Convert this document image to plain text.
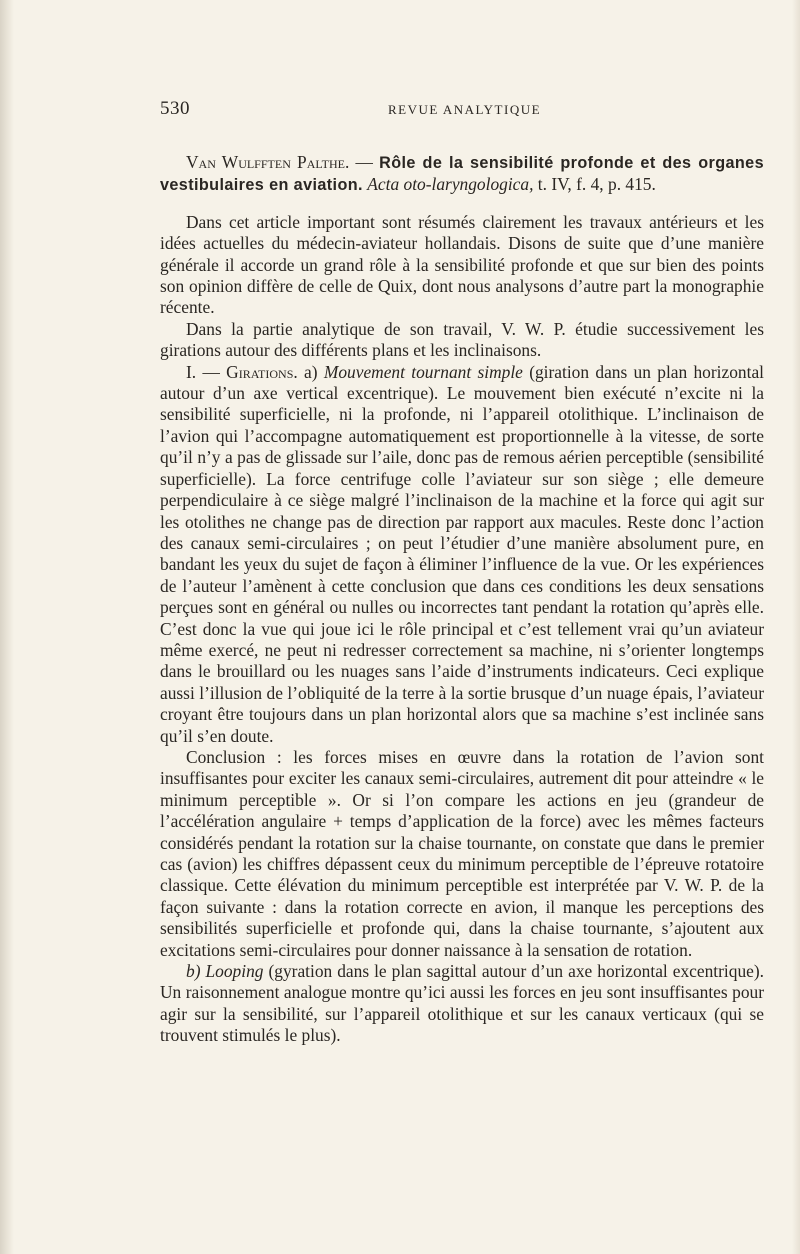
530	REVUE ANALYTIQUE

Van Wulfften Palthe. — Rôle de la sensibilité profonde et des organes vestibulaires en aviation. Acta oto-laryngologica, t. IV, f. 4, p. 415.

Dans cet article important sont résumés clairement les travaux antérieurs et les idées actuelles du médecin-aviateur hollandais. Disons de suite que d’une manière générale il accorde un grand rôle à la sensibilité profonde et que sur bien des points son opinion diffère de celle de Quix, dont nous analysons d’autre part la monographie récente.

Dans la partie analytique de son travail, V. W. P. étudie successivement les girations autour des différents plans et les inclinaisons.

I. — Girations. a) Mouvement tournant simple (giration dans un plan horizontal autour d’un axe vertical excentrique). Le mouvement bien exécuté n’excite ni la sensibilité superficielle, ni la profonde, ni l’appareil otolithique. L’inclinaison de l’avion qui l’accompagne automatiquement est proportionnelle à la vitesse, de sorte qu’il n’y a pas de glissade sur l’aile, donc pas de remous aérien perceptible (sensibilité superficielle). La force centrifuge colle l’aviateur sur son siège ; elle demeure perpendiculaire à ce siège malgré l’inclinaison de la machine et la force qui agit sur les otolithes ne change pas de direction par rapport aux macules. Reste donc l’action des canaux semi-circulaires ; on peut l’étudier d’une manière absolument pure, en bandant les yeux du sujet de façon à éliminer l’influence de la vue. Or les expériences de l’auteur l’amènent à cette conclusion que dans ces conditions les deux sensations perçues sont en général ou nulles ou incorrectes tant pendant la rotation qu’après elle. C’est donc la vue qui joue ici le rôle principal et c’est tellement vrai qu’un aviateur même exercé, ne peut ni redresser correctement sa machine, ni s’orienter longtemps dans le brouillard ou les nuages sans l’aide d’instruments indicateurs. Ceci explique aussi l’illusion de l’obliquité de la terre à la sortie brusque d’un nuage épais, l’aviateur croyant être toujours dans un plan horizontal alors que sa machine s’est inclinée sans qu’il s’en doute.

Conclusion : les forces mises en œuvre dans la rotation de l’avion sont insuffisantes pour exciter les canaux semi-circulaires, autrement dit pour atteindre « le minimum perceptible ». Or si l’on compare les actions en jeu (grandeur de l’accélération angulaire + temps d’application de la force) avec les mêmes facteurs considérés pendant la rotation sur la chaise tournante, on constate que dans le premier cas (avion) les chiffres dépassent ceux du minimum perceptible de l’épreuve rotatoire classique. Cette élévation du minimum perceptible est interprétée par V. W. P. de la façon suivante : dans la rotation correcte en avion, il manque les perceptions des sensibilités superficielle et profonde qui, dans la chaise tournante, s’ajoutent aux excitations semi-circulaires pour donner naissance à la sensation de rotation.

b) Looping (gyration dans le plan sagittal autour d’un axe horizontal excentrique). Un raisonnement analogue montre qu’ici aussi les forces en jeu sont insuffisantes pour agir sur la sensibilité, sur l’appareil otolithique et sur les canaux verticaux (qui se trouvent stimulés le plus).
